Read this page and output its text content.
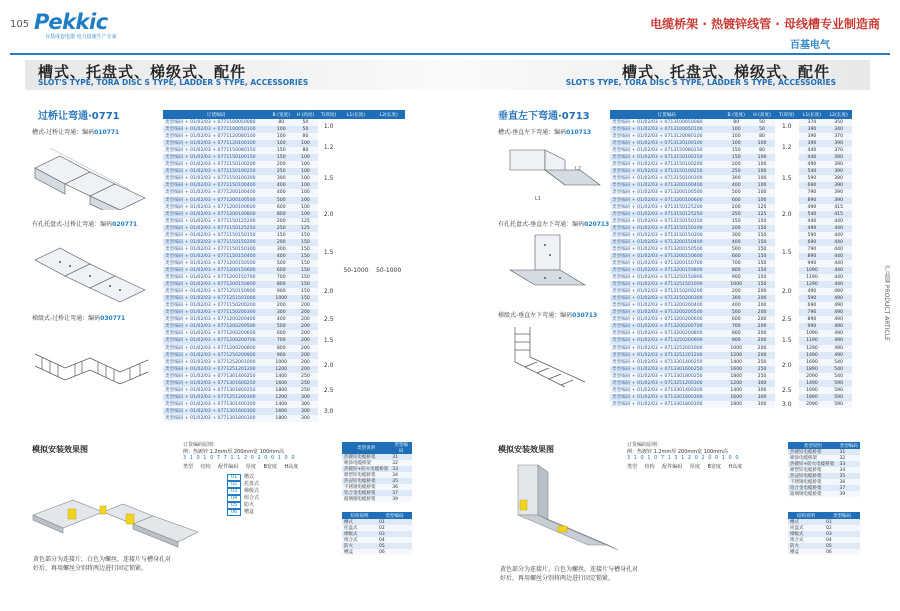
105 Pekkic
百基成套电器 电力设施生产专家
槽式、托盘式、梯级式、配件
SLOT'S TYPE, TORA DISC S TYPE, LADDER S TYPE, ACCESSORIES
过桥让弯通·0771
槽式-过桥让弯通：编码010771
有孔托盘式-过桥让弯通：编码020771
梯级式-过桥让弯通：编码030771
订货编码	B (宽度)	H (高度)	T(厚度)	L1(长度)	L2(长度)
类型编码 + 01/02/03 + 0771100050080	80	50	1.0	50-1000	50-1000
类型编码 + 01/02/03 + 0771100050100	100	50			
类型编码 + 01/02/03 + 0771120080100	100	80	1.2		
类型编码 + 01/02/03 + 0771120100100	100	100			
类型编码 + 01/02/03 + 0771150080150	150	80			
类型编码 + 01/02/03 + 0771150100150	150	100			
类型编码 + 01/02/03 + 0771150100200	200	100	1.5		
类型编码 + 01/02/03 + 0771150100250	250	100			
类型编码 + 01/02/03 + 0771150100300	300	100			
类型编码 + 01/02/03 + 0771150100400	400	100			
类型编码 + 01/02/03 + 0771200100400	400	100			
类型编码 + 01/02/03 + 0771200100500	500	100	2.0		
类型编码 + 01/02/03 + 0771200100600	600	100			
类型编码 + 01/02/03 + 0771200100800	800	100			
类型编码 + 01/02/03 + 0771150125200	200	125			
类型编码 + 01/02/03 + 0771150125250	250	125			
类型编码 + 01/02/03 + 0771150150150	150	150	1.5		
类型编码 + 01/02/03 + 0771150150200	200	150			
类型编码 + 01/02/03 + 0771150150300	300	150			
类型编码 + 01/02/03 + 0771150150400	400	150			
类型编码 + 01/02/03 + 0771200150500	500	150			
类型编码 + 01/02/03 + 0771200150600	600	150			
类型编码 + 01/02/03 + 0771200150700	700	150	2.0		
类型编码 + 01/02/03 + 0771200150800	800	150			
类型编码 + 01/02/03 + 0771250150900	900	150			
类型编码 + 01/02/03 + 0771251501000	1000	150			
类型编码 + 01/02/03 + 0771150200200	200	200			
类型编码 + 01/02/03 + 0771150200300	300	200	2.5		
类型编码 + 01/02/03 + 0771200200400	400	200			
类型编码 + 01/02/03 + 0771200200500	500	200			
类型编码 + 01/02/03 + 0771200200600	600	200	1.5		
类型编码 + 01/02/03 + 0771200200700	700	200			
类型编码 + 01/02/03 + 0771200200800	800	200			
类型编码 + 01/02/03 + 0771250200900	900	200	2.0		
类型编码 + 01/02/03 + 0771252001000	1000	200			
类型编码 + 01/02/03 + 0771251201200	1200	200			
类型编码 + 01/02/03 + 0771301400250	1400	250			
类型编码 + 01/02/03 + 0771301600250	1600	250	2.5		
类型编码 + 01/02/03 + 0771301800250	1800	250			
类型编码 + 01/02/03 + 0771251200300	1200	300			
类型编码 + 01/02/03 + 0771301400300	1400	300	3.0		
类型编码 + 01/02/03 + 0771301600300	1600	300			
类型编码 + 01/02/03 + 0771301800300	1800	300			
模拟安装效果图
黄色部分为连接片，白色为螺丝，连接片与槽身孔对好后，再用螺丝分别将两边进行固定锁紧。
订货编码原则：
例：热镀锌 1.2mm厚 200mm宽 100mm高
3 1 0 1 0 7 7 1 1 2 0 2 0 0 1 0 0
类型 结构 配件编码 厚度 B宽度 H高度
01 槽式
02 托盘式
03 梯级式
04 组合式
05 防火
06 槽盒
类型说明	类型编码
热镀锌电缆桥架	31
喷涂电缆桥架	32
热镀锌+防火电缆桥架	33
喷塑锌电缆桥架	34
热浸锌电缆桥架	35
不锈钢电缆桥架	36
铝合金电缆桥架	37
玻璃钢电缆桥架	39
结构说明	类型编码
槽式	01
托盘式	02
梯级式	03
组合式	04
防火	05
槽盒	06
电缆桥架 · 热镀锌线管 · 母线槽专业制造商
百基电气
槽式、托盘式、梯级式、配件
SLOT'S TYPE, TORA DISC S TYPE, LADDER S TYPE, ACCESSORIES
垂直左下弯通·0713
槽式-垂直左下弯通：编码010713
L1
L2
有孔托盘式-垂直左下弯通：编码020713
梯级式-垂直左下弯通：编码030713
订货编码	B (宽度)	H (高度)	T(厚度)	L1(长度)	L2(长度)
类型编码 + 01/02/03 + 0713100050080	80	50	1.0	370	350
类型编码 + 01/02/03 + 0713100050100	100	50		390	340
类型编码 + 01/02/03 + 0713120080100	100	80	1.2	390	370
类型编码 + 01/02/03 + 0713120100100	100	100		390	390
类型编码 + 01/02/03 + 0713150080150	150	80		440	370
类型编码 + 01/02/03 + 0713150100150	150	100		440	390
类型编码 + 01/02/03 + 0713150100200	200	100	1.5	490	390
类型编码 + 01/02/03 + 0713150100250	250	100		540	390
类型编码 + 01/02/03 + 0713150100300	300	100		590	390
类型编码 + 01/02/03 + 0713200100400	400	100		690	390
类型编码 + 01/02/03 + 0713200100500	500	100		790	390
类型编码 + 01/02/03 + 0713200100600	600	100	2.0	890	390
类型编码 + 01/02/03 + 0713150125200	200	125		490	415
类型编码 + 01/02/03 + 0713150125250	250	125		540	415
类型编码 + 01/02/03 + 0713150150150	150	150		440	440
类型编码 + 01/02/03 + 0713150150200	200	150		490	440
类型编码 + 01/02/03 + 0713150150300	300	150	1.5	590	440
类型编码 + 01/02/03 + 0713200150400	400	150		690	440
类型编码 + 01/02/03 + 0713200150500	500	150		790	440
类型编码 + 01/02/03 + 0713200150600	600	150		890	440
类型编码 + 01/02/03 + 0713200150700	700	150		990	440
类型编码 + 01/02/03 + 0713200150800	800	150		1090	440
类型编码 + 01/02/03 + 0713250150900	900	150	2.0	1190	440
类型编码 + 01/02/03 + 0713251501000	1000	150		1290	440
类型编码 + 01/02/03 + 0713150200200	200	200		490	490
类型编码 + 01/02/03 + 0713150200300	300	200		590	490
类型编码 + 01/02/03 + 0713200200400	400	200		690	490
类型编码 + 01/02/03 + 0713200200500	500	200	2.5	790	490
类型编码 + 01/02/03 + 0713200200600	600	200		890	490
类型编码 + 01/02/03 + 0713200200700	700	200		990	490
类型编码 + 01/02/03 + 0713200200800	800	200	1.5	1090	490
类型编码 + 01/02/03 + 0713250200900	900	200		1190	490
类型编码 + 01/02/03 + 0713252001000	1000	200		1290	490
类型编码 + 01/02/03 + 0713251201200	1200	200	2.0	1490	490
类型编码 + 01/02/03 + 0713301400250	1400	250		1690	540
类型编码 + 01/02/03 + 0713301600250	1600	250		1890	540
类型编码 + 01/02/03 + 0713301800250	1800	250		2090	540
类型编码 + 01/02/03 + 0713251200300	1200	300	2.5	1490	590
类型编码 + 01/02/03 + 0713301400300	1400	300		1690	590
类型编码 + 01/02/03 + 0713301600300	1600	300		1890	590
类型编码 + 01/02/03 + 0713301800300	1800	300	3.0	2090	590
模拟安装效果图
黄色部分为连接片，白色为螺丝，连接片与槽身孔对好后，再用螺丝分别将两边进行固定锁紧。
订货编码原则：
例：热镀锌 1.2mm厚 200mm宽 100mm高
3 1 0 1 0 7 1 3 1 2 0 2 0 0 1 0 0
类型 结构 配件编码 厚度 B宽度 H高度
类型说明	类型编码
热镀锌电缆桥架	31
喷涂电缆桥架	32
热镀锌+防火电缆桥架	33
喷塑锌电缆桥架	34
热浸锌电缆桥架	35
不锈钢电缆桥架	36
铝合金电缆桥架	37
玻璃钢电缆桥架	39
结构说明	类型编码
槽式	01
托盘式	02
梯级式	03
组合式	04
防火	05
槽盒	06
产品篇 PRODUCT ARTICLE
